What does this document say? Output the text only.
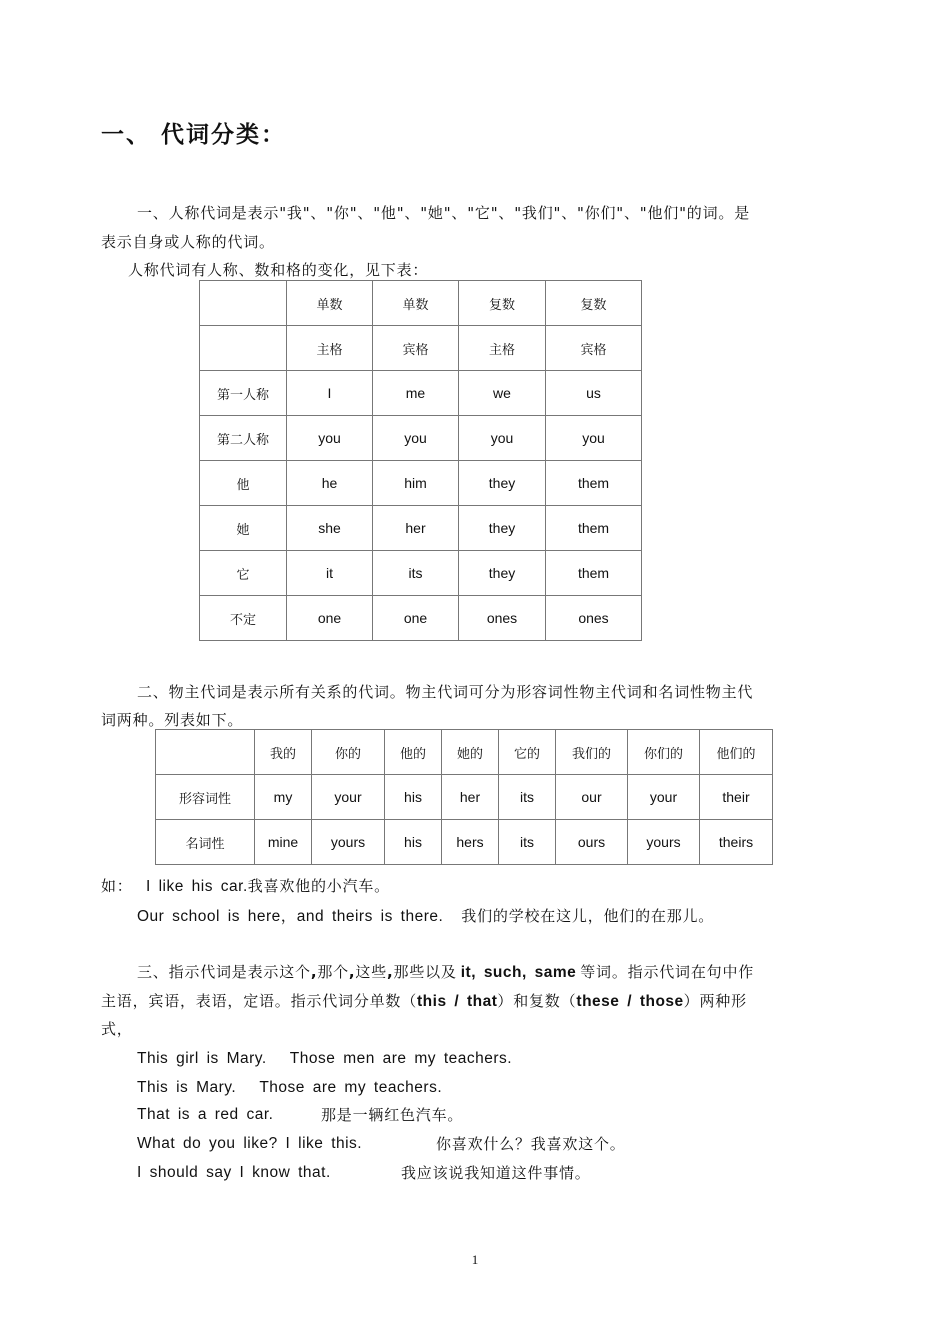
一、 代词分类：
一、人称代词是表示"我"、"你"、"他"、"她"、"它"、"我们"、"你们"、"他们"的词。是
表示自身或人称的代词。
人称代词有人称、数和格的变化，见下表：
	单数	单数	复数	复数
	主格	宾格	主格	宾格
第一人称	I	me	we	us
第二人称	you	you	you	you
他	he	him	they	them
她	she	her	they	them
它	it	its	they	them
不定	one	one	ones	ones
二、物主代词是表示所有关系的代词。物主代词可分为形容词性物主代词和名词性物主代
词两种。列表如下。
	我的	你的	他的	她的	它的	我们的	你们的	他们的
形容词性	my	your	his	her	its	our	your	their
名词性	mine	yours	his	hers	its	ours	yours	theirs
如： I like his car.我喜欢他的小汽车。
Our school is here，and theirs is there. 我们的学校在这儿，他们的在那儿。
三、指示代词是表示这个,那个,这些,那些以及 it, such, same 等词。指示代词在句中作
主语，宾语，表语，定语。指示代词分单数（this / that）和复数（these / those）两种形
式，
This girl is Mary.   Those men are my teachers.
This is Mary.   Those are my teachers.
That is a red car.	那是一辆红色汽车。
What do you like? I like this.	你喜欢什么？我喜欢这个。
I should say I know that.	我应该说我知道这件事情。
1
